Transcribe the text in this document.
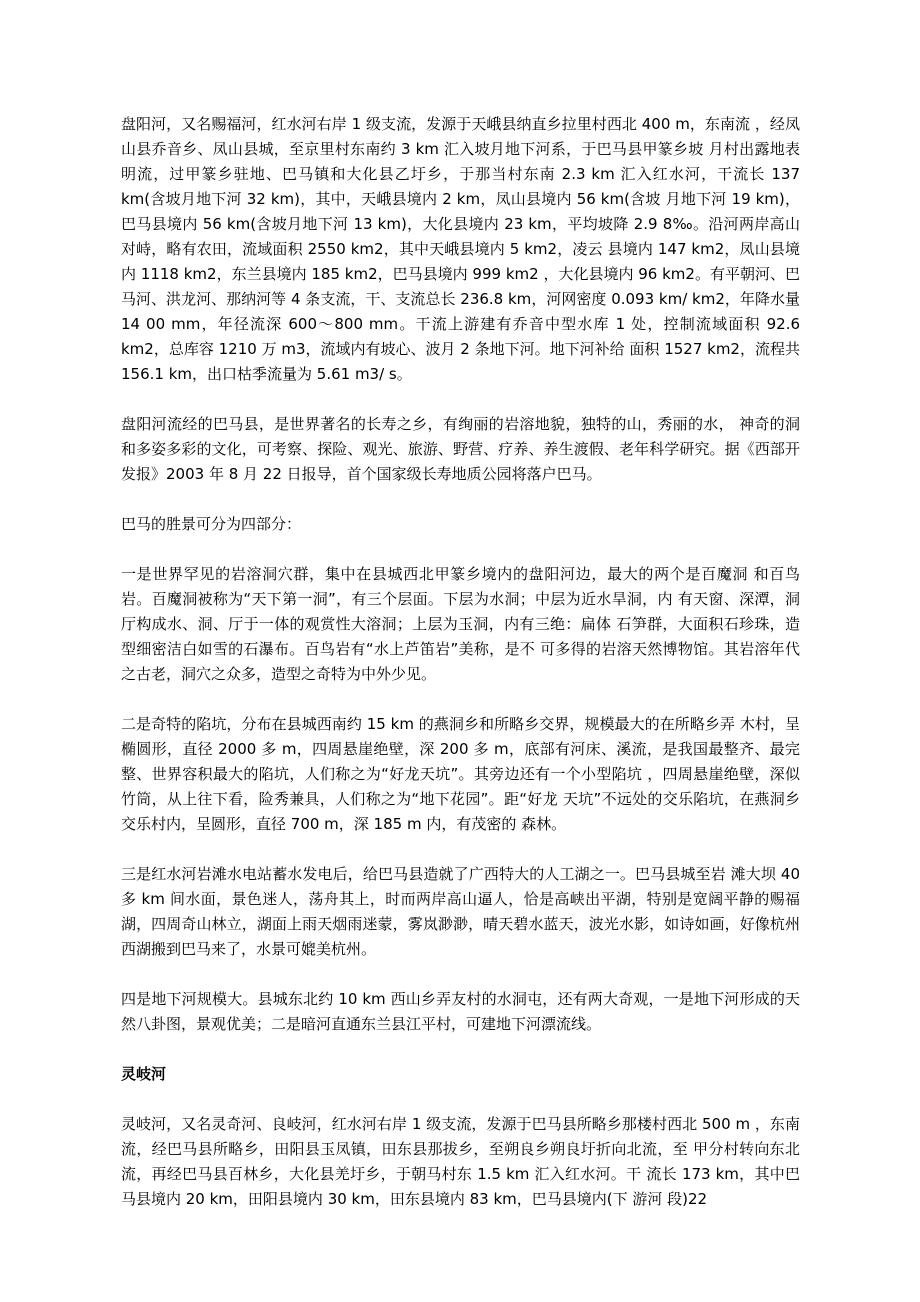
盘阳河，又名赐福河，红水河右岸 1 级支流，发源于天峨县纳直乡拉里村西北 400 m，东南流 ，经凤山县乔音乡、凤山县城，至京里村东南约 3 km 汇入坡月地下河系，于巴马县甲篆乡坡 月村出露地表明流，过甲篆乡驻地、巴马镇和大化县乙圩乡，于那当村东南 2.3 km 汇入红水河，干流长 137 km(含坡月地下河 32 km)，其中，天峨县境内 2 km，凤山县境内 56 km(含坡 月地下河 19 km)，巴马县境内 56 km(含坡月地下河 13 km)，大化县境内 23 km，平均坡降 2.9 8‰。沿河两岸高山对峙，略有农田，流域面积 2550 km2，其中天峨县境内 5 km2，凌云 县境内 147 km2，凤山县境内 1118 km2，东兰县境内 185 km2，巴马县境内 999 km2 ，大化县境内 96 km2。有平朝河、巴马河、洪龙河、那纳河等 4 条支流，干、支流总长 236.8 km，河网密度 0.093 km/ km2，年降水量 14 00 mm，年径流深 600～800 mm。干流上游建有乔音中型水库 1 处，控制流域面积 92.6 km2，总库容 1210 万 m3，流域内有坡心、波月 2 条地下河。地下河补给 面积 1527 km2，流程共 156.1 km，出口枯季流量为 5.61 m3/ s。

盘阳河流经的巴马县，是世界著名的长寿之乡，有绚丽的岩溶地貌，独特的山，秀丽的水， 神奇的洞和多姿多彩的文化，可考察、探险、观光、旅游、野营、疗养、养生渡假、老年科学研究。据《西部开发报》2003 年 8 月 22 日报导，首个国家级长寿地质公园将落户巴马。

巴马的胜景可分为四部分：

一是世界罕见的岩溶洞穴群，集中在县城西北甲篆乡境内的盘阳河边，最大的两个是百魔洞 和百鸟岩。百魔洞被称为“天下第一洞”，有三个层面。下层为水洞；中层为近水旱洞，内 有天窗、深潭，洞厅构成水、洞、厅于一体的观赏性大溶洞；上层为玉洞，内有三绝：扁体 石笋群，大面积石珍珠，造型细密洁白如雪的石瀑布。百鸟岩有“水上芦笛岩”美称，是不 可多得的岩溶天然博物馆。其岩溶年代之古老，洞穴之众多，造型之奇特为中外少见。

二是奇特的陷坑，分布在县城西南约 15 km 的燕洞乡和所略乡交界，规模最大的在所略乡弄 木村，呈椭圆形，直径 2000 多 m，四周悬崖绝壁，深 200 多 m，底部有河床、溪流，是我国最整齐、最完整、世界容积最大的陷坑，人们称之为“好龙天坑”。其旁边还有一个小型陷坑 ，四周悬崖绝壁，深似竹筒，从上往下看，险秀兼具，人们称之为“地下花园”。距“好龙 天坑”不远处的交乐陷坑，在燕洞乡交乐村内，呈圆形，直径 700 m，深 185 m 内，有茂密的 森林。

三是红水河岩滩水电站蓄水发电后，给巴马县造就了广西特大的人工湖之一。巴马县城至岩 滩大坝 40 多 km 间水面，景色迷人，荡舟其上，时而两岸高山逼人，恰是高峡出平湖，特别是宽阔平静的赐福湖，四周奇山林立，湖面上雨天烟雨迷蒙，雾岚渺渺，晴天碧水蓝天，波光水影，如诗如画，好像杭州西湖搬到巴马来了，水景可媲美杭州。

四是地下河规模大。县城东北约 10 km 西山乡弄友村的水洞屯，还有两大奇观，一是地下河形成的天然八卦图，景观优美；二是暗河直通东兰县江平村，可建地下河漂流线。

灵岐河

灵岐河，又名灵奇河、良岐河，红水河右岸 1 级支流，发源于巴马县所略乡那楼村西北 500 m ，东南流，经巴马县所略乡，田阳县玉凤镇，田东县那拔乡，至朔良乡朔良圩折向北流，至 甲分村转向东北流，再经巴马县百林乡，大化县羌圩乡，于朝马村东 1.5 km 汇入红水河。干 流长 173 km，其中巴马县境内 20 km，田阳县境内 30 km，田东县境内 83 km，巴马县境内(下 游河 段)22
